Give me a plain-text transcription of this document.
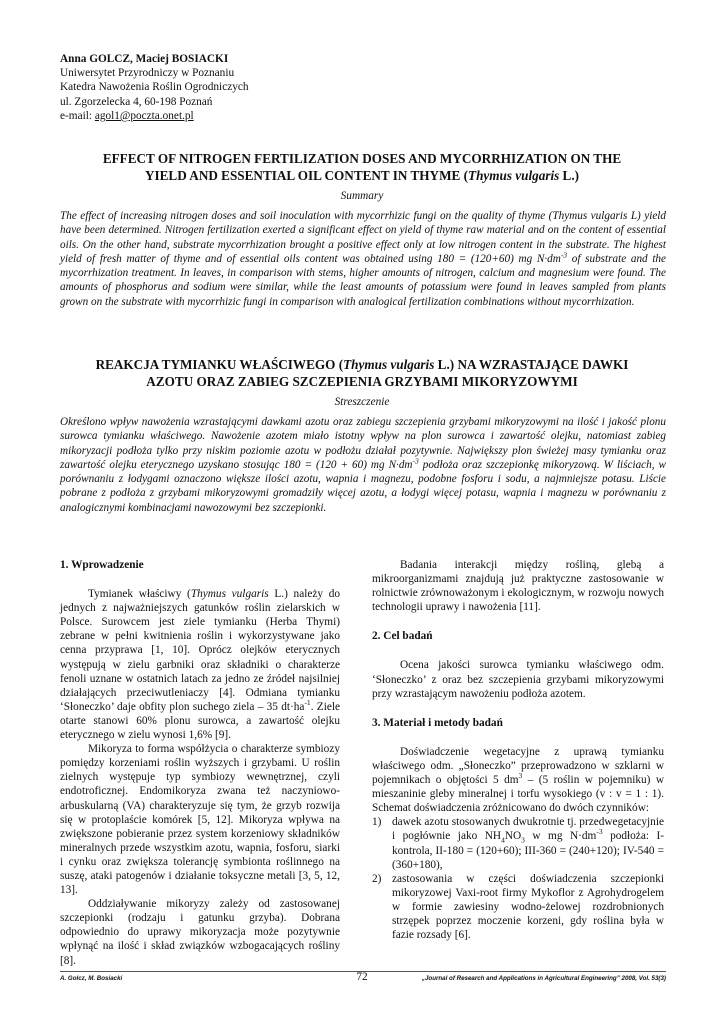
Anna GOLCZ, Maciej BOSIACKI
Uniwersytet Przyrodniczy w Poznaniu
Katedra Nawożenia Roślin Ogrodniczych
ul. Zgorzelecka 4, 60-198 Poznań
e-mail: agol1@poczta.onet.pl
EFFECT OF NITROGEN FERTILIZATION DOSES AND MYCORRHIZATION ON THE
YIELD AND ESSENTIAL OIL CONTENT IN THYME (Thymus vulgaris L.)
Summary
The effect of increasing nitrogen doses and soil inoculation with mycorrhizic fungi on the quality of thyme (Thymus vulgaris L) yield have been determined. Nitrogen fertilization exerted a significant effect on yield of thyme raw material and on the content of essential oils. On the other hand, substrate mycorrhization brought a positive effect only at low nitrogen content in the substrate. The highest yield of fresh matter of thyme and of essential oils content was obtained using 180 = (120+60) mg $N\cdot dm^{-3}$ of substrate and the mycorrhization treatment. In leaves, in comparison with stems, higher amounts of nitrogen, calcium and magnesium were found. The amounts of phosphorus and sodium were similar, while the least amounts of potassium were found in leaves sampled from plants grown on the substrate with mycorrhizic fungi in comparison with analogical fertilization combinations without mycorrhization.
REAKCJA TYMIANKU WŁAŚCIWEGO (Thymus vulgaris L.) NA WZRASTAJĄCE DAWKI
AZOTU ORAZ ZABIEG SZCZEPIENIA GRZYBAMI MIKORYZOWYMI
Streszczenie
Określono wpływ nawożenia wzrastającymi dawkami azotu oraz zabiegu szczepienia grzybami mikoryzowymi na ilość i jakość plonu surowca tymianku właściwego. Nawożenie azotem miało istotny wpływ na plon surowca i zawartość olejku, natomiast zabieg mikoryzacji podłoża tylko przy niskim poziomie azotu w podłożu działał pozytywnie. Największy plon świeżej masy tymianku oraz zawartość olejku eterycznego uzyskano stosując 180 = (120 + 60) mg $N\cdot dm^{-3}$ podłoża oraz szczepionkę mikoryzową. W liściach, w porównaniu z łodygami oznaczono większe ilości azotu, wapnia i magnezu, podobne fosforu i sodu, a najmniejsze potasu. Liście pobrane z podłoża z grzybami mikoryzowymi gromadziły więcej azotu, a łodygi więcej potasu, wapnia i magnezu w porównaniu z analogicznymi kombinacjami nawozowymi bez szczepionki.
1. Wprowadzenie

Tymianek właściwy (Thymus vulgaris L.) należy do jednych z najważniejszych gatunków roślin zielarskich w Polsce. Surowcem jest ziele tymianku (Herba Thymi) zebrane w pełni kwitnienia roślin i wykorzystywane jako cenna przyprawa [1, 10]. Oprócz olejków eterycznych występują w zielu garbniki oraz składniki o charakterze fenoli uznane w ostatnich latach za jedno ze źródeł najsilniej działających przeciwutleniaczy [4]. Odmiana tymianku ‘Słoneczko’ daje obfity plon suchego ziela – 35 $dt\cdot ha^{-1}$. Ziele otarte stanowi 60% plonu surowca, a zawartość olejku eterycznego w zielu wynosi 1,6% [9].

Mikoryza to forma współżycia o charakterze symbiozy pomiędzy korzeniami roślin wyższych i grzybami. U roślin zielnych występuje typ symbiozy wewnętrznej, czyli endotroficznej. Endomikoryza zwana też naczyniowo-arbuskularną (VA) charakteryzuje się tym, że grzyb rozwija się w protoplaście komórek [5, 12]. Mikoryza wpływa na zwiększone pobieranie przez system korzeniowy składników mineralnych przede wszystkim azotu, wapnia, fosforu, siarki i cynku oraz zwiększa tolerancję symbionta roślinnego na suszę, ataki patogenów i działanie toksyczne metali [3, 5, 12, 13].

Oddziaływanie mikoryzy zależy od zastosowanej szczepionki (rodzaju i gatunku grzyba). Dobrana odpowiednio do uprawy mikoryzacja może pozytywnie wpłynąć na ilość i skład związków wzbogacających rośliny [8].

Badania interakcji między rośliną, glebą a mikroorganizmami znajdują już praktyczne zastosowanie w rolnictwie zrównoważonym i ekologicznym, w rozwoju nowych technologii uprawy i nawożenia [11].

2. Cel badań

Ocena jakości surowca tymianku właściwego odm. ‘Słoneczko’ z oraz bez szczepienia grzybami mikoryzowymi przy wzrastającym nawożeniu podłoża azotem.

3. Materiał i metody badań

Doświadczenie wegetacyjne z uprawą tymianku właściwego odm. „Słoneczko” przeprowadzono w szklarni w pojemnikach o objętości 5 $dm^3 - (5$ roślin w pojemniku) w mieszaninie gleby mineralnej i torfu wysokiego (v : v = 1 : 1). Schemat doświadczenia zróżnicowano do dwóch czynników:

1) dawek azotu stosowanych dwukrotnie tj. przedwegetacyjnie i pogłównie jako $NH_4NO_3$ w mg $N\cdot dm^{-3}$ podłoża: I-kontrola, II-180 = (120+60); III-360 = (240+120); IV-540 = (360+180),
2) zastosowania w części doświadczenia szczepionki mikoryzowej Vaxi-root firmy Mykoflor z Agrohydrogelem w formie zawiesiny wodno-żelowej rozdrobnionych strzępek poprzez moczenie korzeni, gdy roślina była w fazie rozsady [6].
A. Golcz, M. Bosiacki	72	„Journal of Research and Applications in Agricultural Engineering” 2008, Vol. 53(3)
